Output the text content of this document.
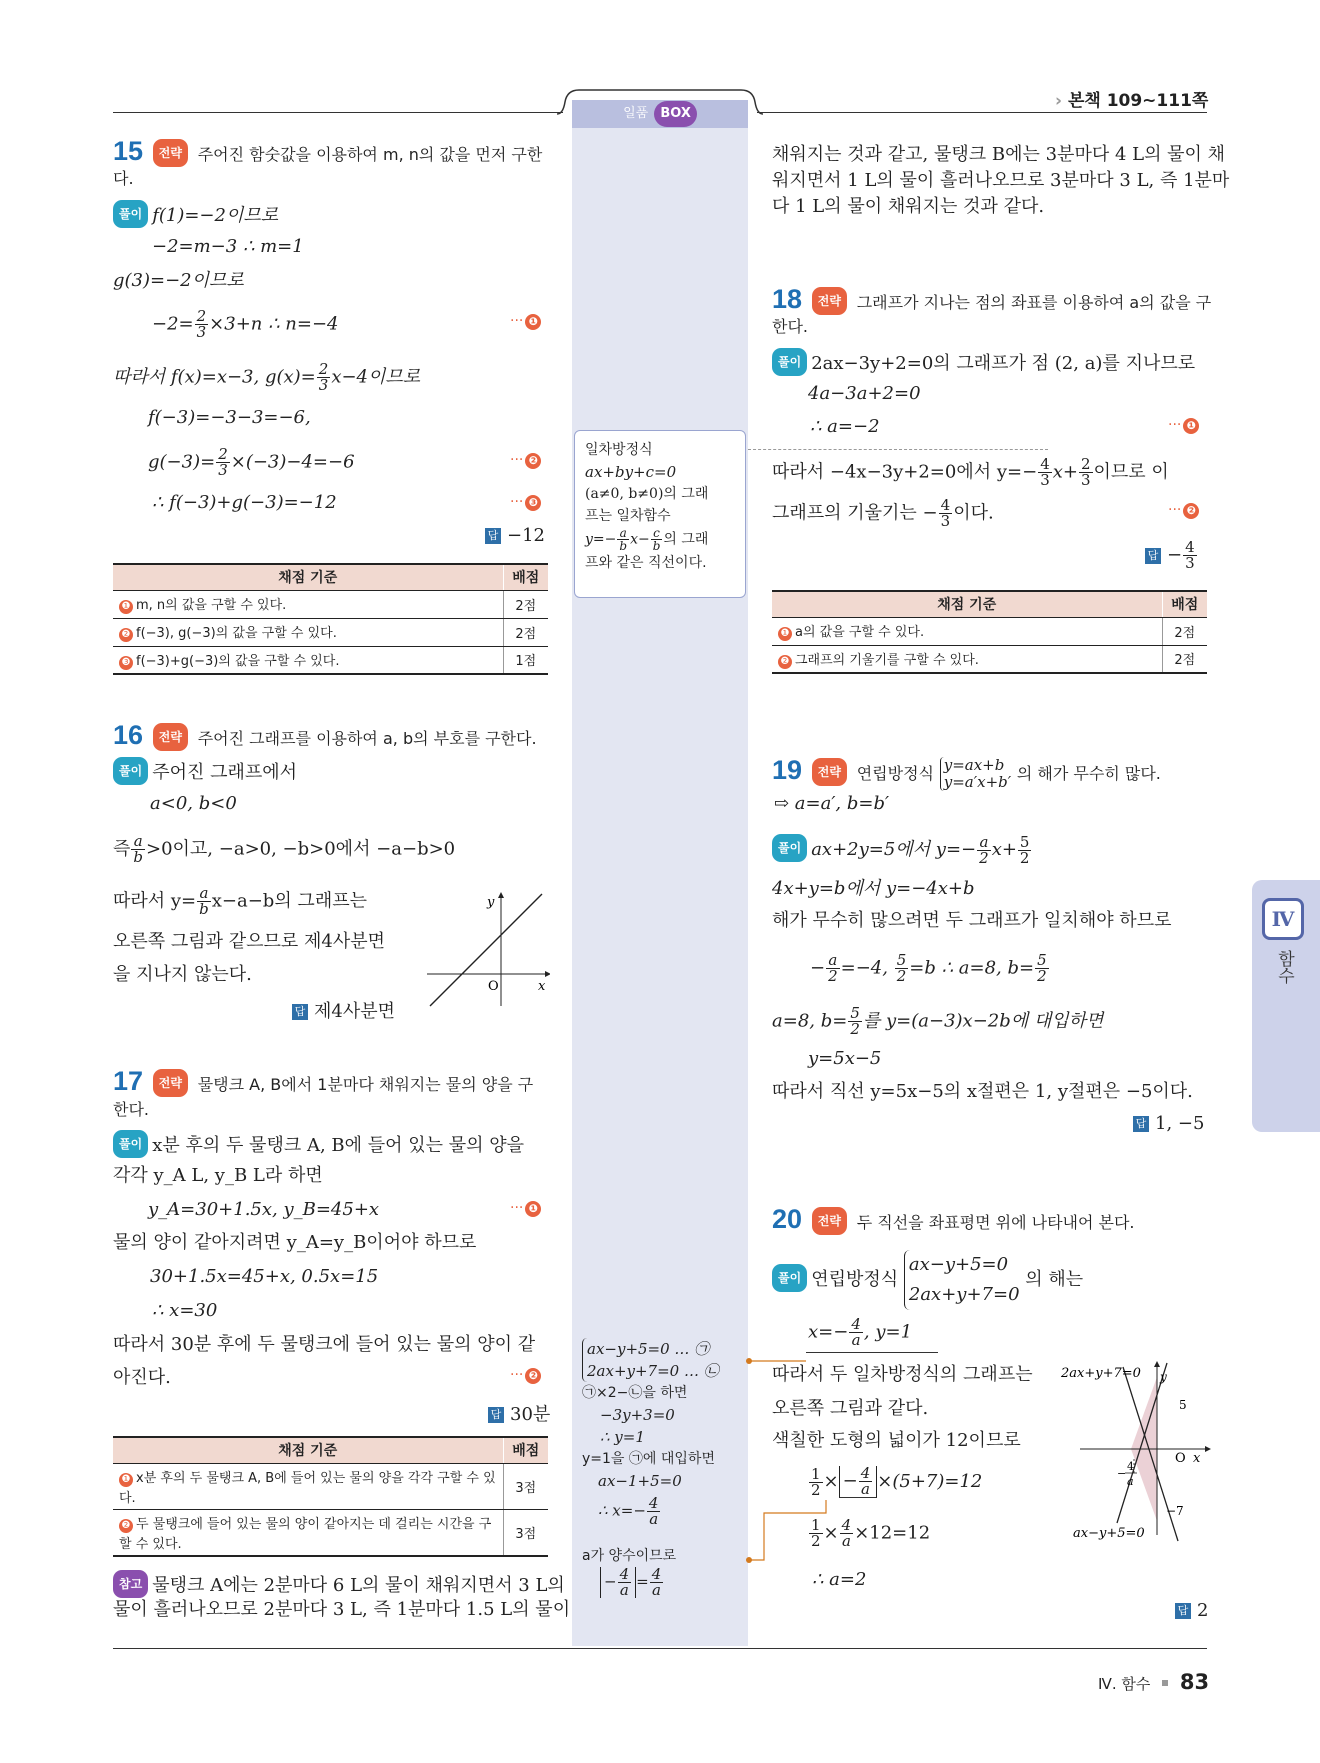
일품 BOX
› 본책 109~111쪽
15 전략 주어진 함숫값을 이용하여 m, n의 값을 먼저 구한
다.
풀이 f(1)=−2이므로
−2=m−3 ∴ m=1
g(3)=−2이므로
$-2= \frac{2}{3} \times 3+n$ ∴ n=−4	··· ❶
따라서 f(x)=x−3, $g(x)= \frac{2}{3} x-4$이므로
f(−3)=−3−3=−6,
$g(-3)= \frac{2}{3} \times(-3)-4=-6$	··· ❷
∴ f(−3)+g(−3)=−12	··· ❸
답 −12
채점 기준	배점
❶ m, n의 값을 구할 수 있다.	2점
❷ f(−3), g(−3)의 값을 구할 수 있다.	2점
❸ f(−3)+g(−3)의 값을 구할 수 있다.	1점
16 전략 주어진 그래프를 이용하여 a, b의 부호를 구한다.
풀이 주어진 그래프에서
a<0, b<0
즉 $\frac{a}{b} >0$이고, −a>0, −b>0에서 −a−b>0
따라서 $y= \frac{a}{b} x-a-b$의 그래프는
오른쪽 그림과 같으므로 제4사분면
을 지나지 않는다.
답 제4사분면
y
x
O
17 전략 물탱크 A, B에서 1분마다 채워지는 물의 양을 구
한다.
풀이 x분 후의 두 물탱크 A, B에 들어 있는 물의 양을
각각 y_A L, y_B L라 하면
y_A=30+1.5x, y_B=45+x	··· ❶
물의 양이 같아지려면 y_A=y_B이어야 하므로
30+1.5x=45+x, 0.5x=15
∴ x=30
따라서 30분 후에 두 물탱크에 들어 있는 물의 양이 같
아진다.	··· ❷
답 30분
채점 기준	배점
❶ x분 후의 두 물탱크 A, B에 들어 있는 물의 양을 각각 구할 수 있다.	3점
❷ 두 물탱크에 들어 있는 물의 양이 같아지는 데 걸리는 시간을 구할 수 있다.	3점
참고 물탱크 A에는 2분마다 6 L의 물이 채워지면서 3 L의
물이 흘러나오므로 2분마다 3 L, 즉 1분마다 1.5 L의 물이
채워지는 것과 같고, 물탱크 B에는 3분마다 4 L의 물이 채
워지면서 1 L의 물이 흘러나오므로 3분마다 3 L, 즉 1분마
다 1 L의 물이 채워지는 것과 같다.
18 전략 그래프가 지나는 점의 좌표를 이용하여 a의 값을 구
한다.
풀이 2ax−3y+2=0의 그래프가 점 (2, a)를 지나므로
4a−3a+2=0
∴ a=−2	··· ❶
따라서 −4x−3y+2=0에서 $y=- \frac{4}{3} x+ \frac{2}{3}$ 이므로 이
그래프의 기울기는 − $\frac{4}{3}$ 이다.	··· ❷
답 − $\frac{4}{3}$
채점 기준	배점
❶ a의 값을 구할 수 있다.	2점
❷ 그래프의 기울기를 구할 수 있다.	2점
일차방정식
ax+by+c=0
(a≠0, b≠0)의 그래
프는 일차함수
$y=- \frac{a}{b} x- \frac{c}{b}$ 의 그래
프와 같은 직선이다.
19 전략 연립방정식 y=ax+b
y=a′x+b′ 의 해가 무수히 많다.
⇨ a=a′, b=b′
풀이 ax+2y=5에서 $y=- \frac{a}{2} x+ \frac{5}{2}$
4x+y=b에서 y=−4x+b
해가 무수히 많으려면 두 그래프가 일치해야 하므로
− $\frac{a}{2} =-4$, $\frac{5}{2} =b$ ∴ a=8, $b= \frac{5}{2}$
a=8, $b= \frac{5}{2}$ 를 y=(a−3)x−2b에 대입하면
y=5x−5
따라서 직선 y=5x−5의 x절편은 1, y절편은 −5이다.
답 1, −5
20 전략 두 직선을 좌표평면 위에 나타내어 본다.
풀이 연립방정식
ax−y+5=0
2ax+y+7=0
의 해는
$x=- \frac{4}{a}$ , y=1
따라서 두 일차방정식의 그래프는
오른쪽 그림과 같다.
색칠한 도형의 넓이가 12이므로
$\frac{1}{2}$ × − $\frac{4}{a} \times(5+7)=12$
$\frac{1}{2} \times \frac{4}{a} \times 12=12$
∴ a=2
답 2
ax−y+5=0 … ㉠
2ax+y+7=0 … ㉡
㉠×2−㉡을 하면
−3y+3=0
∴ y=1
y=1을 ㉠에 대입하면
ax−1+5=0
∴ $x=- \frac{4}{a}$
a가 양수이므로
− $\frac{4}{a} = \frac{4}{a}$
2ax+y+7=0 y
5
O x
−7
ax−y+5=0
−
4
a
Ⅳ
함수
Ⅳ. 함수 83
